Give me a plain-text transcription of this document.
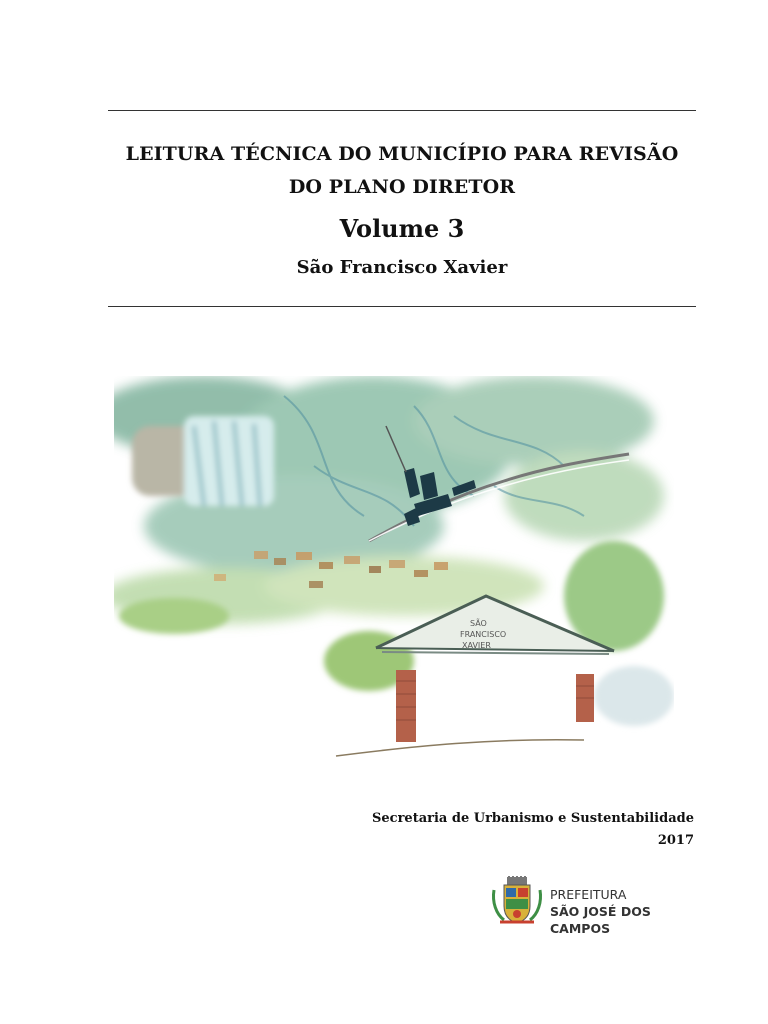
LEITURA TÉCNICA DO MUNICÍPIO PARA REVISÃO
DO PLANO DIRETOR
Volume 3
São Francisco Xavier
SÃO
FRANCISCO
XAVIER
Secretaria de Urbanismo e Sustentabilidade
2017
PREFEITURA
SÃO JOSÉ DOS CAMPOS
